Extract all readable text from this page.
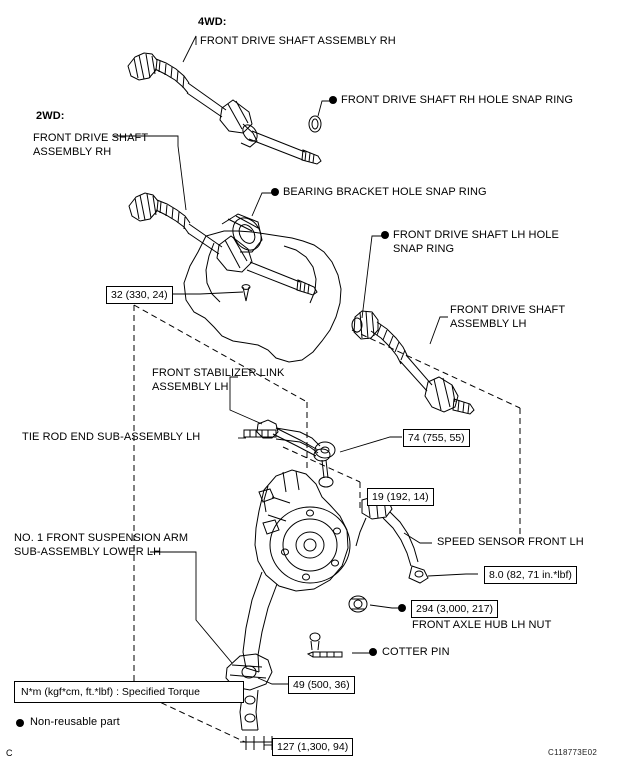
4WD:
2WD:
FRONT DRIVE SHAFT ASSEMBLY RH
FRONT DRIVE SHAFT RH HOLE SNAP RING
FRONT DRIVE SHAFT
ASSEMBLY RH
BEARING BRACKET HOLE SNAP RING
FRONT DRIVE SHAFT LH HOLE
SNAP RING
FRONT DRIVE SHAFT
ASSEMBLY LH
FRONT STABILIZER LINK
ASSEMBLY LH
TIE ROD END SUB-ASSEMBLY LH
SPEED SENSOR FRONT LH
NO. 1 FRONT SUSPENSION ARM
SUB-ASSEMBLY LOWER LH
FRONT AXLE HUB LH NUT
COTTER PIN
32 (330, 24)
74 (755, 55)
19 (192, 14)
8.0 (82, 71 in.*lbf)
294 (3,000, 217)
49 (500, 36)
127 (1,300, 94)
N*m (kgf*cm, ft.*lbf) : Specified Torque
Non-reusable part
C	C118773E02
